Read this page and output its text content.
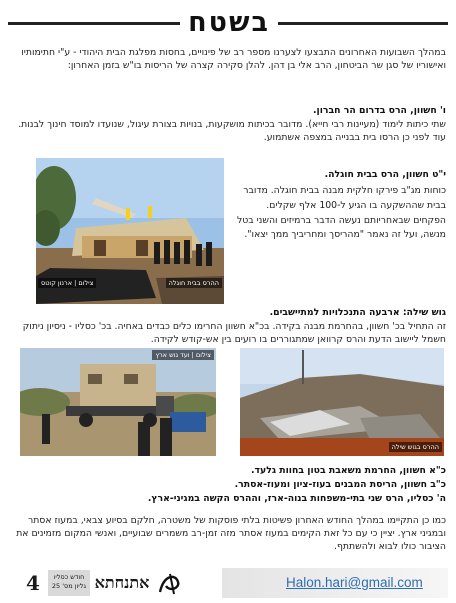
בשטח
במהלך השבועות האחרונים התבצעו לצערנו מספר רב של פינויים, בחסות מפלגת הבית היהודי - ע"י חתימותיו ואישוריו של סגן שר הביטחון, הרב אלי בן דהן. להלן סקירה קצרה של הריסות בו"ש בזמן האחרון:
ו' חשוון, הרס בדרום הר חברון.
שתי כיתות לימוד (מעיינות רבי חייא). מדובר בכיתות מושקעות, בנויות בצורת עיגול, שנועדו למוסד חינוך לבנות. עוד לפני כן הרסו בית בבנייה במצפה אשתמוע.
ההרס בבית חוגלה
צילום | ארנון קוטס
י"ט חשוון, הרס בבית חוגלה.
כוחות מג"ב פירקו חלקית מבנה בבית חוגלה. מדובר בבית שההשקעה בו הגיע ל-100 אלף שקלים. הפקחים שבאחריותם נעשה הדבר ברמיזים והשני בטל מנשה, ועל זה נאמר "מהריסך ומחריביך ממך יצאו".
גוש שילה: ארבעה התנכלויות למתיישבים.
זה התחיל בכ' חשוון, בהחרמת מבנה בקידה. בכ"א חשוון החרימו כלים כבדים באחיה. בכ' כסליו - ניסיון ניתוק חשמל ליישוב הדעת והרס קרוואן שמתגוררים בו רועים בין אש-קודש לקידה.
צילום | ועד גוש ארץ
ההרס בגוש שילה
כ"א חשוון, החרמת משאבת בטון בחוות גלעד.
כ"ב חשוון, הריסת המבנים בעוז-ציון ומעוז-אסתר.
ה' כסליו, הרס שני בתי-משפחות בנוה-ארז, וההרס הקשה במגיני-ארץ.
כמו כן התקיימו במהלך החודש האחרון פשיטות בלתי פוסקות של משטרה, חלקם בסיוע צבאי, במעוז אסתר ובמגיני ארץ. יציין כי עם כל זאת הקימים במעוז אסתר מזה זמן-רב משמרים שבועיים, ואנשי המקום מזמינים את הציבור כולו לבוא ולהשתתף.
Halon.hari@gmail.com
4	חודש כסליו
גליון מס' 25 אתנחתא
